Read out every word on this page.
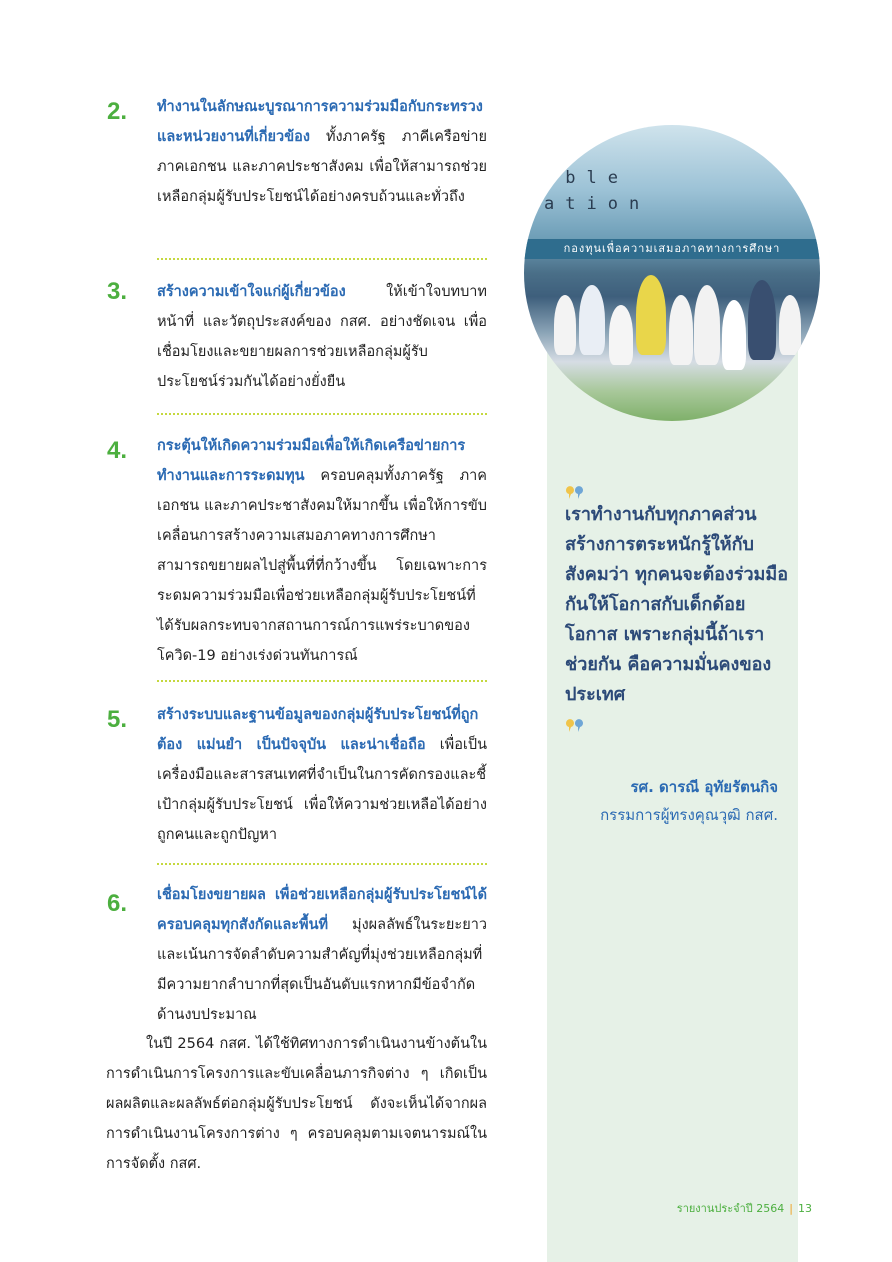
able
ation
กองทุนเพื่อความเสมอภาคทางการศึกษา
2. ทำงานในลักษณะบูรณาการความร่วมมือกับกระทรวงและหน่วยงานที่เกี่ยวข้อง ทั้งภาครัฐ ภาคีเครือข่าย ภาคเอกชน และภาคประชาสังคม เพื่อให้สามารถช่วยเหลือกลุ่มผู้รับประโยชน์ได้อย่างครบถ้วนและทั่วถึง
3. สร้างความเข้าใจแก่ผู้เกี่ยวข้อง ให้เข้าใจบทบาทหน้าที่ และวัตถุประสงค์ของ กสศ. อย่างชัดเจน เพื่อเชื่อมโยงและขยายผลการช่วยเหลือกลุ่มผู้รับประโยชน์ร่วมกันได้อย่างยั่งยืน
4. กระตุ้นให้เกิดความร่วมมือเพื่อให้เกิดเครือข่ายการทำงานและการระดมทุน ครอบคลุมทั้งภาครัฐ ภาคเอกชน และภาคประชาสังคมให้มากขึ้น เพื่อให้การขับเคลื่อนการสร้างความเสมอภาคทางการศึกษาสามารถขยายผลไปสู่พื้นที่ที่กว้างขึ้น โดยเฉพาะการระดมความร่วมมือเพื่อช่วยเหลือกลุ่มผู้รับประโยชน์ที่ได้รับผลกระทบจากสถานการณ์การแพร่ระบาดของโควิด-19 อย่างเร่งด่วนทันการณ์
5. สร้างระบบและฐานข้อมูลของกลุ่มผู้รับประโยชน์ที่ถูกต้อง แม่นยำ เป็นปัจจุบัน และน่าเชื่อถือ เพื่อเป็นเครื่องมือและสารสนเทศที่จำเป็นในการคัดกรองและชี้เป้ากลุ่มผู้รับประโยชน์ เพื่อให้ความช่วยเหลือได้อย่างถูกคนและถูกปัญหา
6. เชื่อมโยงขยายผล เพื่อช่วยเหลือกลุ่มผู้รับประโยชน์ได้ครอบคลุมทุกสังกัดและพื้นที่ มุ่งผลลัพธ์ในระยะยาว และเน้นการจัดลำดับความสำคัญที่มุ่งช่วยเหลือกลุ่มที่มีความยากลำบากที่สุดเป็นอันดับแรกหากมีข้อจำกัดด้านงบประมาณ
ในปี 2564 กสศ. ได้ใช้ทิศทางการดำเนินงานข้างต้นในการดำเนินการโครงการและขับเคลื่อนภารกิจต่าง ๆ เกิดเป็นผลผลิตและผลลัพธ์ต่อกลุ่มผู้รับประโยชน์ ดังจะเห็นได้จากผลการดำเนินงานโครงการต่าง ๆ ครอบคลุมตามเจตนารมณ์ในการจัดตั้ง กสศ.
เราทำงานกับทุกภาคส่วนสร้างการตระหนักรู้ให้กับสังคมว่า ทุกคนจะต้องร่วมมือกันให้โอกาสกับเด็กด้อยโอกาส เพราะกลุ่มนี้ถ้าเราช่วยกัน คือความมั่นคงของประเทศ
รศ. ดารณี อุทัยรัตนกิจ
กรรมการผู้ทรงคุณวุฒิ กสศ.
รายงานประจำปี 2564 | 13
